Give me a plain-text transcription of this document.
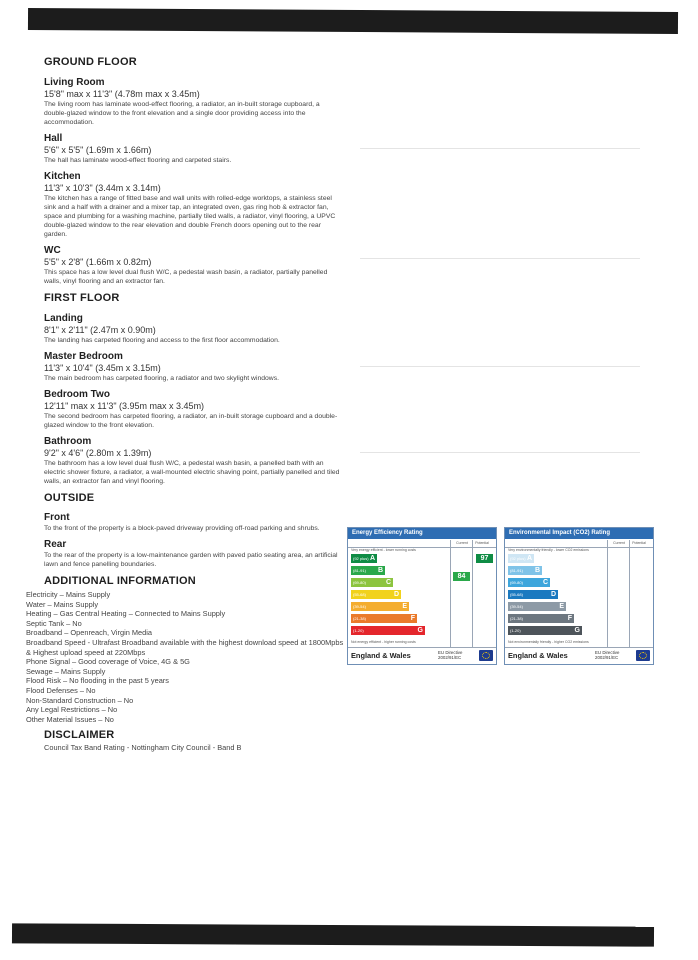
GROUND FLOOR
Living Room
15'8" max x 11'3" (4.78m max x 3.45m)
The living room has laminate wood-effect flooring, a radiator, an in-built storage cupboard, a double-glazed window to the front elevation and a single door providing access into the accommodation.
Hall
5'6" x 5'5" (1.69m x 1.66m)
The hall has laminate wood-effect flooring and carpeted stairs.
Kitchen
11'3" x 10'3" (3.44m x 3.14m)
The kitchen has a range of fitted base and wall units with rolled-edge worktops, a stainless steel sink and a half with a drainer and a mixer tap, an integrated oven, gas ring hob & extractor fan, space and plumbing for a washing machine, partially tiled walls, a radiator, vinyl flooring, a UPVC double-glazed window to the rear elevation and double French doors opening out to the rear garden.
WC
5'5" x 2'8" (1.66m x 0.82m)
This space has a low level dual flush W/C, a pedestal wash basin, a radiator, partially panelled walls, vinyl flooring and an extractor fan.
FIRST FLOOR
Landing
8'1" x 2'11" (2.47m x 0.90m)
The landing has carpeted flooring and access to the first floor accommodation.
Master Bedroom
11'3" x 10'4" (3.45m x 3.15m)
The main bedroom has carpeted flooring, a radiator and two skylight windows.
Bedroom Two
12'11" max x 11'3" (3.95m max x 3.45m)
The second bedroom has carpeted flooring, a radiator, an in-built storage cupboard and a double-glazed window to the front elevation.
Bathroom
9'2" x 4'6" (2.80m x 1.39m)
The bathroom has a low level dual flush W/C, a pedestal wash basin, a panelled bath with an electric shower fixture, a radiator, a wall-mounted electric shaving point, partially panelled and tiled walls, an extractor fan and vinyl flooring.
OUTSIDE
Front
To the front of the property is a block-paved driveway providing off-road parking and shrubs.
Rear
To the rear of the property is a low-maintenance garden with paved patio seating area, an artificial lawn and fence panelling boundaries.
ADDITIONAL INFORMATION
Electricity – Mains Supply
Water – Mains Supply
Heating – Gas Central Heating – Connected to Mains Supply
Septic Tank – No
Broadband – Openreach, Virgin Media
Broadband Speed - Ultrafast Broadband available with the highest download speed at 1800Mpbs & Highest upload speed at 220Mbps
Phone Signal – Good coverage of Voice, 4G & 5G
Sewage – Mains Supply
Flood Risk – No flooding in the past 5 years
Flood Defenses – No
Non-Standard Construction – No
Any Legal Restrictions – No
Other Material Issues – No
DISCLAIMER
Council Tax Band Rating - Nottingham City Council - Band B
Energy Efficiency Rating
Current Potential
Very energy efficient - lower running costs
Not energy efficient - higher running costs
(92 plus) A
(81-91) B
(69-80)	C
(55-68)	D
(39-54)	E
(21-38)	F
(1-20)	G
84
97
England & Wales	EU Directive 2002/91/EC
Environmental Impact (CO2) Rating
Current Potential
Very environmentally friendly - lower CO2 emissions
Not environmentally friendly - higher CO2 emissions
(92 plus) A
(81-91) B
(69-80)	C
(55-68)	D
(39-54)	E
(21-38)	F
(1-20)	G
England & Wales	EU Directive 2002/91/EC
